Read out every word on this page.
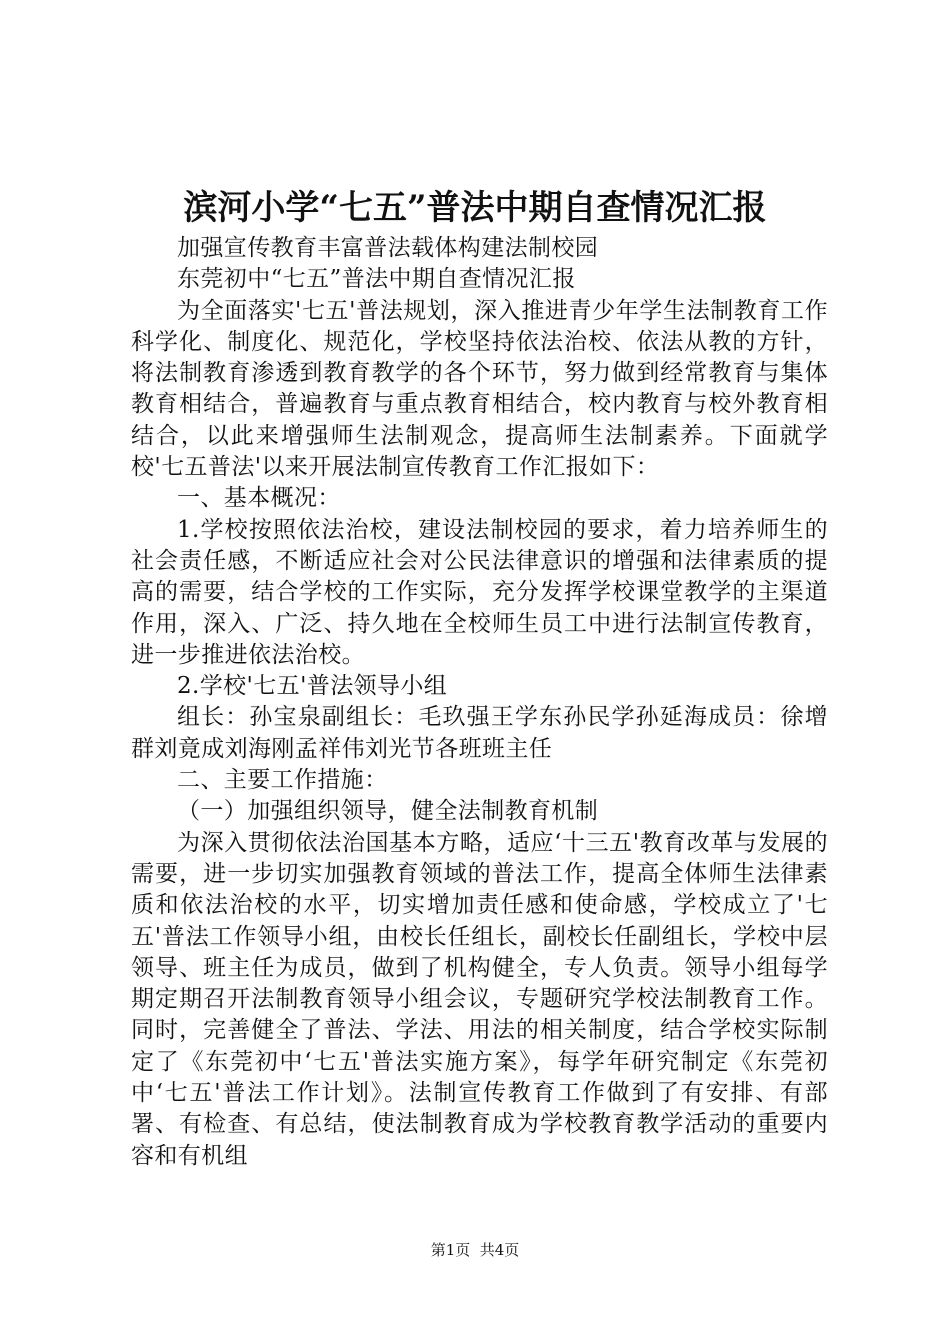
滨河小学“七五”普法中期自查情况汇报

加强宣传教育丰富普法载体构建法制校园

东莞初中“七五”普法中期自查情况汇报

为全面落实'七五'普法规划，深入推进青少年学生法制教育工作科学化、制度化、规范化，学校坚持依法治校、依法从教的方针，将法制教育渗透到教育教学的各个环节，努力做到经常教育与集体教育相结合，普遍教育与重点教育相结合，校内教育与校外教育相结合，以此来增强师生法制观念，提高师生法制素养。下面就学校'七五普法'以来开展法制宣传教育工作汇报如下：

一、基本概况：

1.学校按照依法治校，建设法制校园的要求，着力培养师生的社会责任感，不断适应社会对公民法律意识的增强和法律素质的提高的需要，结合学校的工作实际，充分发挥学校课堂教学的主渠道作用，深入、广泛、持久地在全校师生员工中进行法制宣传教育，进一步推进依法治校。

2.学校'七五'普法领导小组

组长：孙宝泉副组长：毛玖强王学东孙民学孙延海成员：徐增群刘竟成刘海刚孟祥伟刘光节各班班主任

二、主要工作措施：

（一）加强组织领导，健全法制教育机制

为深入贯彻依法治国基本方略，适应‘十三五'教育改革与发展的需要，进一步切实加强教育领域的普法工作，提高全体师生法律素质和依法治校的水平，切实增加责任感和使命感，学校成立了'七五'普法工作领导小组，由校长任组长，副校长任副组长，学校中层领导、班主任为成员，做到了机构健全，专人负责。领导小组每学期定期召开法制教育领导小组会议，专题研究学校法制教育工作。同时，完善健全了普法、学法、用法的相关制度，结合学校实际制定了《东莞初中‘七五'普法实施方案》，每学年研究制定《东莞初中‘七五'普法工作计划》。法制宣传教育工作做到了有安排、有部署、有检查、有总结，使法制教育成为学校教育教学活动的重要内容和有机组

第1页  共4页
